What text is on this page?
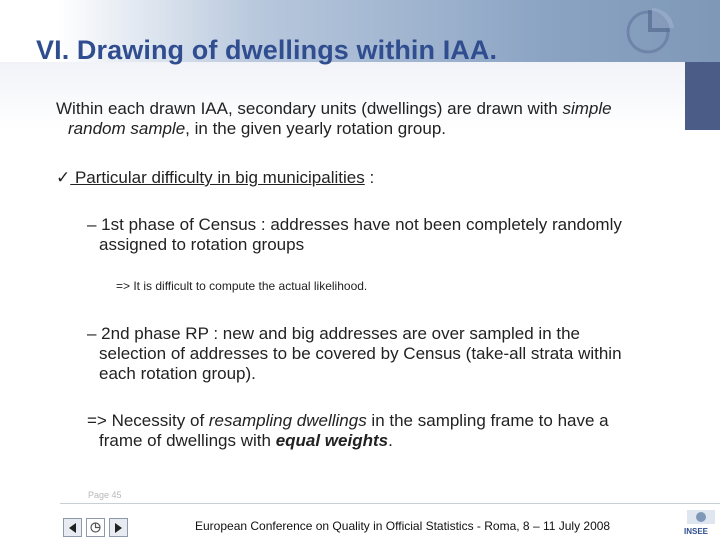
VI. Drawing of dwellings within IAA.

Within each drawn IAA, secondary units (dwellings) are drawn with simple
random sample, in the given yearly rotation group.

✓ Particular difficulty in big municipalities :

– 1st phase of Census : addresses have not been completely randomly
assigned to rotation groups

=> It is difficult to compute the actual likelihood.

– 2nd phase RP : new and big addresses are over sampled in the
selection of addresses to be covered by Census (take-all strata within
each rotation group).

=> Necessity of resampling dwellings in the sampling frame to have a
frame of dwellings with equal weights.

Page 45

European Conference on Quality in Official Statistics - Roma, 8 – 11 July 2008	INSEE
